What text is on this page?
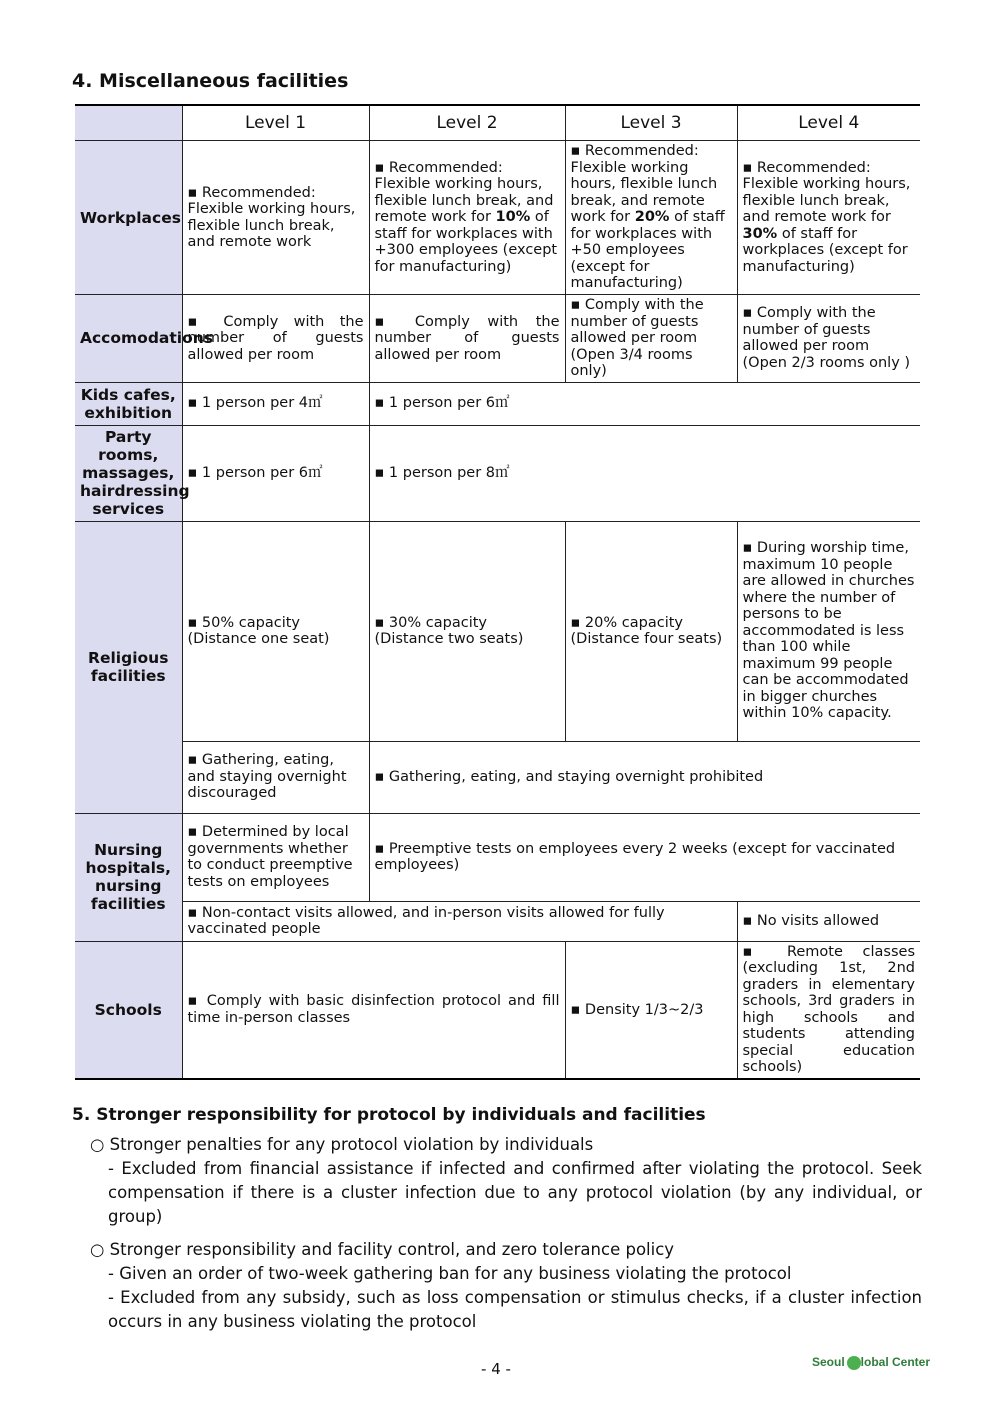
4. Miscellaneous facilities
	Level 1	Level 2	Level 3	Level 4
Workplaces	▪ Recommended: Flexible working hours, flexible lunch break, and remote work	▪ Recommended: Flexible working hours, flexible lunch break, and remote work for 10% of staff for workplaces with +300 employees (except for manufacturing)	▪ Recommended: Flexible working hours, flexible lunch break, and remote work for 20% of staff for workplaces with +50 employees (except for manufacturing)	▪ Recommended: Flexible working hours, flexible lunch break, and remote work for 30% of staff for workplaces (except for manufacturing)
Accomodations	▪ Comply with the number of guests allowed per room	▪ Comply with the number of guests allowed per room	▪ Comply with the number of guests allowed per room (Open 3/4 rooms only)	▪ Comply with the number of guests allowed per room (Open 2/3 rooms only )
Kids cafes, exhibition	▪ 1 person per 4㎡	▪ 1 person per 6㎡		
Party rooms, massages, hairdressing services	▪ 1 person per 6㎡	▪ 1 person per 8㎡		
Religious facilities	▪ 50% capacity (Distance one seat)	▪ 30% capacity (Distance two seats)	▪ 20% capacity (Distance four seats)	▪ During worship time, maximum 10 people are allowed in churches where the number of persons to be accommodated is less than 100 while maximum 99 people can be accommodated in bigger churches within 10% capacity.
	▪ Gathering, eating, and staying overnight discouraged	▪ Gathering, eating, and staying overnight prohibited		
Nursing hospitals, nursing facilities	▪ Determined by local governments whether to conduct preemptive tests on employees	▪ Preemptive tests on employees every 2 weeks (except for vaccinated employees)		
	▪ Non-contact visits allowed, and in-person visits allowed for fully vaccinated people			▪ No visits allowed
Schools	▪ Comply with basic disinfection protocol and fill time in-person classes		▪ Density 1/3~2/3	▪ Remote classes (excluding 1st, 2nd graders in elementary schools, 3rd graders in high schools and students attending special education schools)
5. Stronger responsibility for protocol by individuals and facilities
○ Stronger penalties for any protocol violation by individuals
- Excluded from financial assistance if infected and confirmed after violating the protocol. Seek compensation if there is a cluster infection due to any protocol violation (by any individual, or group)
○ Stronger responsibility and facility control, and zero tolerance policy
- Given an order of two-week gathering ban for any business violating the protocol
- Excluded from any subsidy, such as loss compensation or stimulus checks, if a cluster infection occurs in any business violating the protocol
- 4 -	Seoul lobal Center
